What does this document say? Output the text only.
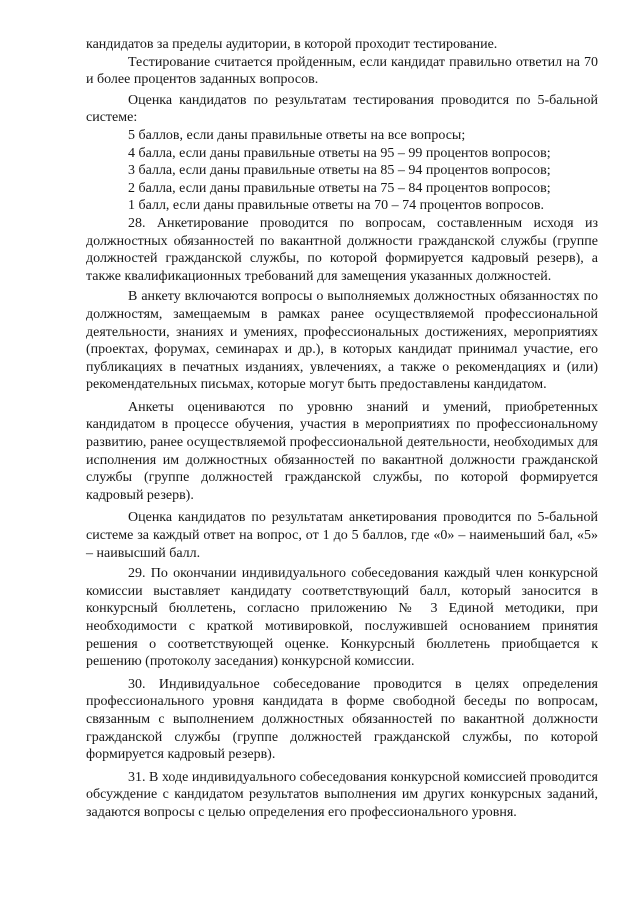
кандидатов за пределы аудитории, в которой проходит тестирование.

Тестирование считается пройденным, если кандидат правильно ответил на 70 и более процентов заданных вопросов.

Оценка кандидатов по результатам тестирования проводится по 5-бальной системе:

5 баллов, если даны правильные ответы на все вопросы;

4 балла, если даны правильные ответы на 95 – 99 процентов вопросов;

3 балла, если даны правильные ответы на 85 – 94 процентов вопросов;

2 балла, если даны правильные ответы на 75 – 84 процентов вопросов;

1 балл, если даны правильные ответы на 70 – 74 процентов вопросов.

28. Анкетирование проводится по вопросам, составленным исходя из должностных обязанностей по вакантной должности гражданской службы (группе должностей гражданской службы, по которой формируется кадровый резерв), а также квалификационных требований для замещения указанных должностей.

В анкету включаются вопросы о выполняемых должностных обязанностях по должностям, замещаемым в рамках ранее осуществляемой профессиональной деятельности, знаниях и умениях, профессиональных достижениях, мероприятиях (проектах, форумах, семинарах и др.), в которых кандидат принимал участие, его публикациях в печатных изданиях, увлечениях, а также о рекомендациях и (или) рекомендательных письмах, которые могут быть предоставлены кандидатом.

Анкеты оцениваются по уровню знаний и умений, приобретенных кандидатом в процессе обучения, участия в мероприятиях по профессиональному развитию, ранее осуществляемой профессиональной деятельности, необходимых для исполнения им должностных обязанностей по вакантной должности гражданской службы (группе должностей гражданской службы, по которой формируется кадровый резерв).

Оценка кандидатов по результатам анкетирования проводится по 5-бальной системе за каждый ответ на вопрос, от 1 до 5 баллов, где «0» – наименьший бал, «5» – наивысший балл.

29. По окончании индивидуального собеседования каждый член конкурсной комиссии выставляет кандидату соответствующий балл, который заносится в конкурсный бюллетень, согласно приложению № 3 Единой методики, при необходимости с краткой мотивировкой, послужившей основанием принятия решения о соответствующей оценке. Конкурсный бюллетень приобщается к решению (протоколу заседания) конкурсной комиссии.

30. Индивидуальное собеседование проводится в целях определения профессионального уровня кандидата в форме свободной беседы по вопросам, связанным с выполнением должностных обязанностей по вакантной должности гражданской службы (группе должностей гражданской службы, по которой формируется кадровый резерв).

31. В ходе индивидуального собеседования конкурсной комиссией проводится обсуждение с кандидатом результатов выполнения им других конкурсных заданий, задаются вопросы с целью определения его профессионального уровня.
